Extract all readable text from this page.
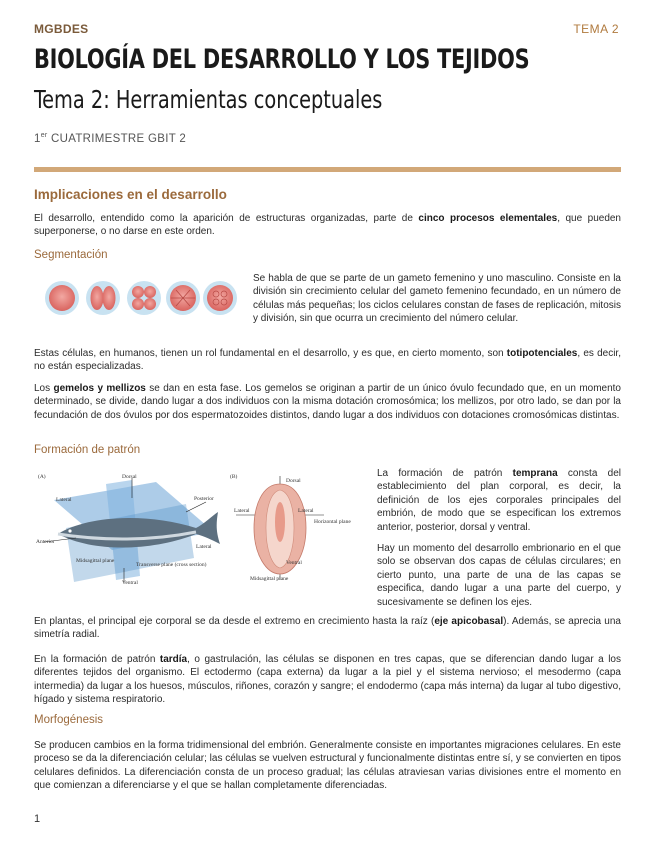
MGBDES	TEMA 2
BIOLOGÍA DEL DESARROLLO Y LOS TEJIDOS
Tema 2: Herramientas conceptuales
1er CUATRIMESTRE GBIT 2
Implicaciones en el desarrollo
El desarrollo, entendido como la aparición de estructuras organizadas, parte de cinco procesos elementales, que pueden superponerse, o no darse en este orden.
Segmentación
Se habla de que se parte de un gameto femenino y uno masculino. Consiste en la división sin crecimiento celular del gameto femenino fecundado, en un número de células más pequeñas; los ciclos celulares constan de fases de replicación, mitosis y división, sin que ocurra un crecimiento del número celular.
Estas células, en humanos, tienen un rol fundamental en el desarrollo, y es que, en cierto momento, son totipotenciales, es decir, no están especializadas.
Los gemelos y mellizos se dan en esta fase. Los gemelos se originan a partir de un único óvulo fecundado que, en un momento determinado, se divide, dando lugar a dos individuos con la misma dotación cromosómica; los mellizos, por otro lado, se dan por la fecundación de dos óvulos por dos espermatozoides distintos, dando lugar a dos individuos con dotaciones cromosómicas distintas.
Formación de patrón
(A)	(B)
Dorsal
Lateral	Posterior
Anterior
Lateral
Ventral
Midsagittal plane
Transverse plane (cross section)
Dorsal
Lateral	Lateral
Horizontal plane
Ventral
Midsagittal plane
La formación de patrón temprana consta del establecimiento del plan corporal, es decir, la definición de los ejes corporales principales del embrión, de modo que se especifican los extremos anterior, posterior, dorsal y ventral.
Hay un momento del desarrollo embrionario en el que solo se observan dos capas de células circulares; en cierto punto, una parte de una de las capas se especifica, dando lugar a una parte del cuerpo, y sucesivamente se definen los ejes.
En plantas, el principal eje corporal se da desde el extremo en crecimiento hasta la raíz (eje apicobasal). Además, se aprecia una simetría radial.
En la formación de patrón tardía, o gastrulación, las células se disponen en tres capas, que se diferencian dando lugar a los diferentes tejidos del organismo. El ectodermo (capa externa) da lugar a la piel y el sistema nervioso; el mesodermo (capa intermedia) da lugar a los huesos, músculos, riñones, corazón y sangre; el endodermo (capa más interna) da lugar al tubo digestivo, hígado y sistema respiratorio.
Morfogénesis
Se producen cambios en la forma tridimensional del embrión. Generalmente consiste en importantes migraciones celulares. En este proceso se da la diferenciación celular; las células se vuelven estructural y funcionalmente distintas entre sí, y se convierten en tipos celulares definidos. La diferenciación consta de un proceso gradual; las células atraviesan varias divisiones entre el momento en que comienzan a diferenciarse y el que se hallan completamente diferenciadas.
1
